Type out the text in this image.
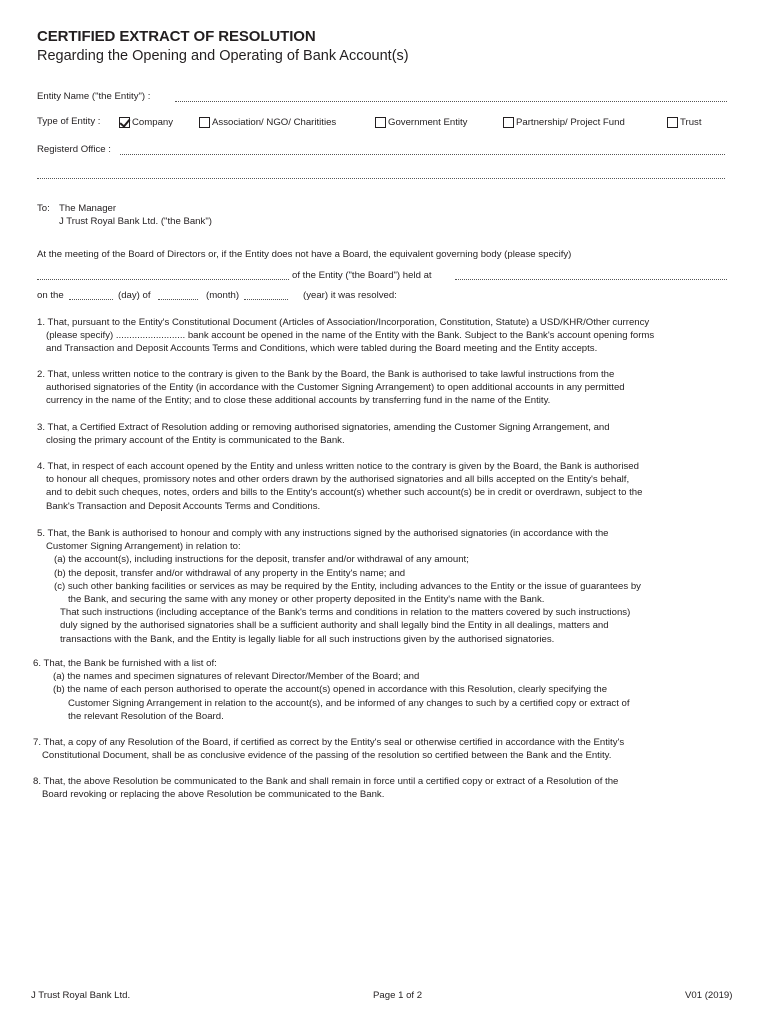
CERTIFIED EXTRACT OF RESOLUTION
Regarding the Opening and Operating of Bank Account(s)
Entity Name ("the Entity") :
Type of Entity :	Company	Association/ NGO/ Charitities	Government Entity	Partnership/ Project Fund	Trust
Registerd Office :
To: The Manager
J Trust Royal Bank Ltd. ("the Bank")
At the meeting of the Board of Directors or, if the Entity does not have a Board, the equivalent governing body (please specify)
of the Entity ("the Board") held at
on the	(day) of	(month)	(year) it was resolved:
1. That, pursuant to the Entity's Constitutional Document (Articles of Association/Incorporation, Constitution, Statute) a USD/KHR/Other currency
(please specify) .......................... bank account be opened in the name of the Entity with the Bank. Subject to the Bank's account opening forms
and Transaction and Deposit Accounts Terms and Conditions, which were tabled during the Board meeting and the Entity accepts.
2. That, unless written notice to the contrary is given to the Bank by the Board, the Bank is authorised to take lawful instructions from the
authorised signatories of the Entity (in accordance with the Customer Signing Arrangement) to open additional accounts in any permitted
currency in the name of the Entity; and to close these additional accounts by transferring fund in the name of the Entity.
3. That, a Certified Extract of Resolution adding or removing authorised signatories, amending the Customer Signing Arrangement, and
closing the primary account of the Entity is communicated to the Bank.
4. That, in respect of each account opened by the Entity and unless written notice to the contrary is given by the Board, the Bank is authorised
to honour all cheques, promissory notes and other orders drawn by the authorised signatories and all bills accepted on the Entity's behalf,
and to debit such cheques, notes, orders and bills to the Entity's account(s) whether such account(s) be in credit or overdrawn, subject to the
Bank's Transaction and Deposit Accounts Terms and Conditions.
5. That, the Bank is authorised to honour and comply with any instructions signed by the authorised signatories (in accordance with the
Customer Signing Arrangement) in relation to:
(a) the account(s), including instructions for the deposit, transfer and/or withdrawal of any amount;
(b) the deposit, transfer and/or withdrawal of any property in the Entity's name; and
(c) such other banking facilities or services as may be required by the Entity, including advances to the Entity or the issue of guarantees by
the Bank, and securing the same with any money or other property deposited in the Entity's name with the Bank.
That such instructions (including acceptance of the Bank's terms and conditions in relation to the matters covered by such instructions)
duly signed by the authorised signatories shall be a sufficient authority and shall legally bind the Entity in all dealings, matters and
transactions with the Bank, and the Entity is legally liable for all such instructions given by the authorised signatories.
6. That, the Bank be furnished with a list of:
(a) the names and specimen signatures of relevant Director/Member of the Board; and
(b) the name of each person authorised to operate the account(s) opened in accordance with this Resolution, clearly specifying the
Customer Signing Arrangement in relation to the account(s), and be informed of any changes to such by a certified copy or extract of
the relevant Resolution of the Board.
7. That, a copy of any Resolution of the Board, if certified as correct by the Entity's seal or otherwise certified in accordance with the Entity's
Constitutional Document, shall be as conclusive evidence of the passing of the resolution so certified between the Bank and the Entity.
8. That, the above Resolution be communicated to the Bank and shall remain in force until a certified copy or extract of a Resolution of the
Board revoking or replacing the above Resolution be communicated to the Bank.
J Trust Royal Bank Ltd.	Page 1 of 2	V01 (2019)
